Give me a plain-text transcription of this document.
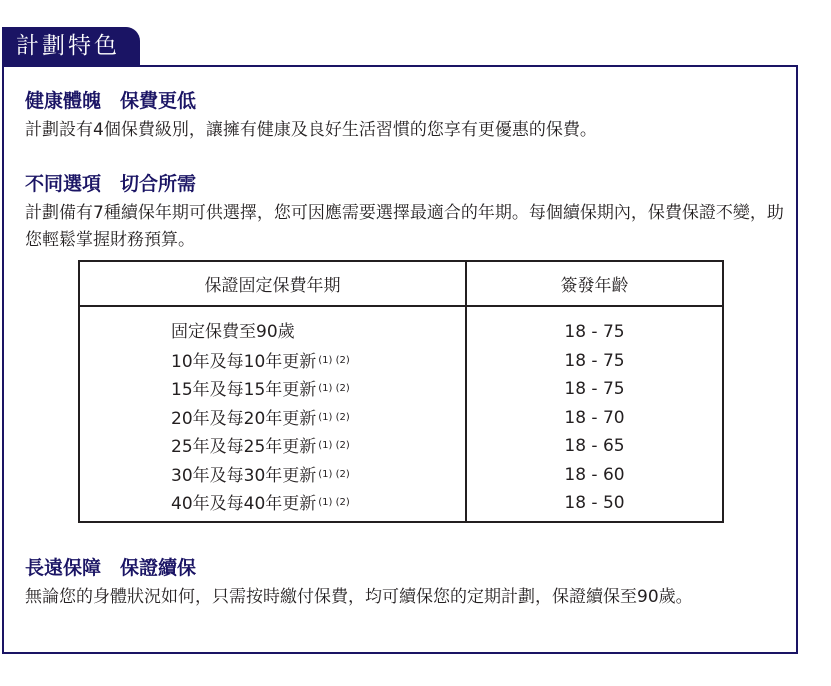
計劃特色
健康體魄　保費更低
計劃設有4個保費級別，讓擁有健康及良好生活習慣的您享有更優惠的保費。
不同選項　切合所需
計劃備有7種續保年期可供選擇，您可因應需要選擇最適合的年期。每個續保期內，保費保證不變，助您輕鬆掌握財務預算。
保證固定保費年期	簽發年齡
固定保費至90歲
10年及每10年更新 $^{(1) (2)}$
15年及每15年更新 $^{(1) (2)}$
20年及每20年更新 $^{(1) (2)}$
25年及每25年更新 $^{(1) (2)}$
30年及每30年更新 $^{(1) (2)}$
40年及每40年更新 $^{(1) (2)}$
18 - 75
18 - 75
18 - 75
18 - 70
18 - 65
18 - 60
18 - 50
長遠保障　保證續保
無論您的身體狀況如何，只需按時繳付保費，均可續保您的定期計劃，保證續保至90歲。
